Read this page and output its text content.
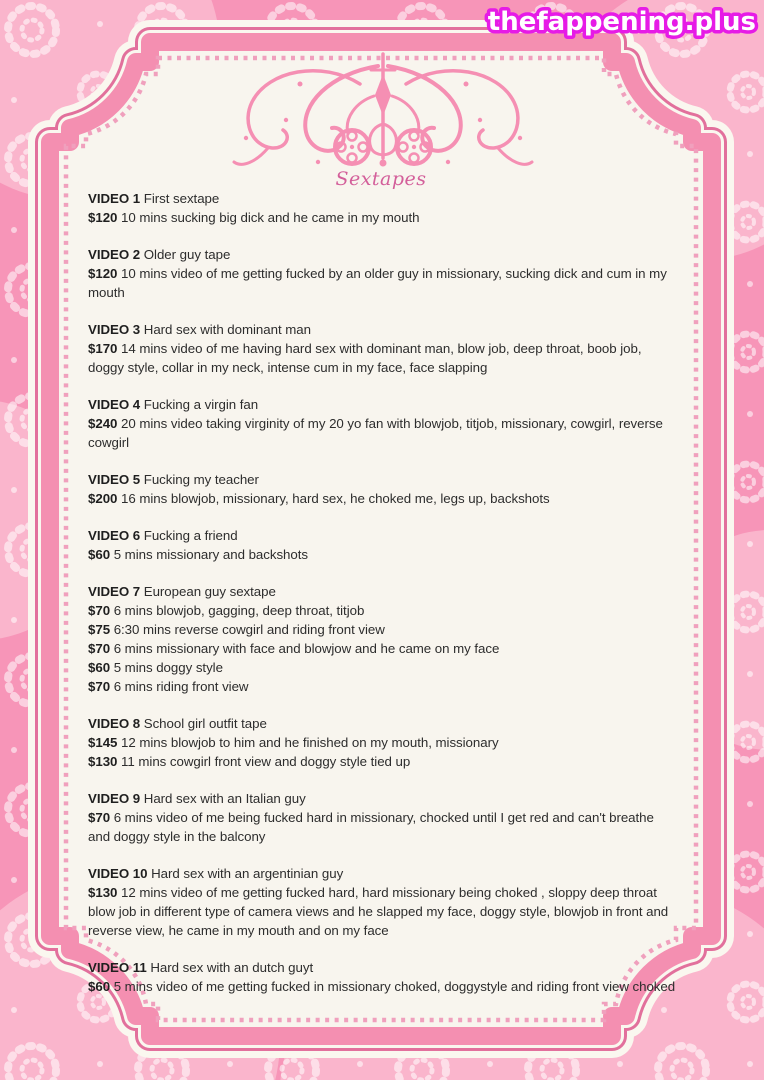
thefappening.plus
Sextapes
VIDEO 1 First sextape
$120 10 mins sucking big dick and he came in my mouth
VIDEO 2 Older guy tape
$120 10 mins video of me getting fucked by an older guy in missionary, sucking dick and cum in my mouth
VIDEO 3 Hard sex with dominant man
$170 14 mins video of me having hard sex with dominant man, blow job, deep throat, boob job, doggy style, collar in my neck, intense cum in my face, face slapping
VIDEO 4 Fucking a virgin fan
$240 20 mins video taking virginity of my 20 yo fan with blowjob, titjob, missionary, cowgirl, reverse cowgirl
VIDEO 5 Fucking my teacher
$200 16 mins blowjob, missionary, hard sex, he choked me, legs up, backshots
VIDEO 6 Fucking a friend
$60 5 mins missionary and backshots
VIDEO 7 European guy sextape
$70 6 mins blowjob, gagging, deep throat, titjob
$75 6:30 mins reverse cowgirl and riding front view
$70 6 mins missionary with face and blowjow and he came on my face
$60 5 mins doggy style
$70 6 mins riding front view
VIDEO 8 School girl outfit tape
$145 12 mins blowjob to him and he finished on my mouth, missionary
$130 11 mins cowgirl front view and doggy style tied up
VIDEO 9 Hard sex with an Italian guy
$70 6 mins video of me being fucked hard in missionary, chocked until I get red and can't breathe and doggy style in the balcony
VIDEO 10 Hard sex with an argentinian guy
$130 12 mins video of me getting fucked hard, hard missionary being choked , sloppy deep throat blow job in different type of camera views and he slapped my face, doggy style, blowjob in front and reverse view, he came in my mouth and on my face
VIDEO 11 Hard sex with an dutch guyt
$60 5 mins video of me getting fucked in missionary choked, doggystyle and riding front view choked
